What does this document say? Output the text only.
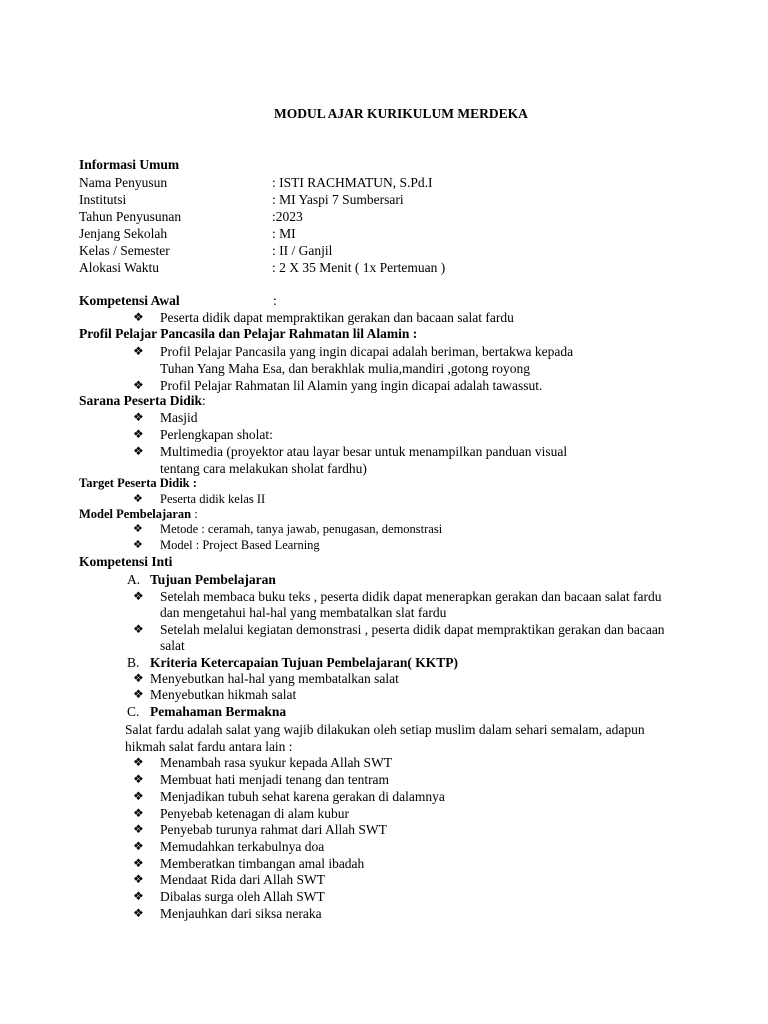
MODUL AJAR KURIKULUM MERDEKA
Informasi Umum
Nama Penyusun	: ISTI RACHMATUN, S.Pd.I
Institutsi	: MI Yaspi 7 Sumbersari
Tahun Penyusunan	:2023
Jenjang Sekolah	: MI
Kelas / Semester	: II / Ganjil
Alokasi Waktu	: 2 X 35 Menit ( 1x Pertemuan )
Kompetensi Awal	:
❖ Peserta didik dapat mempraktikan gerakan dan bacaan salat fardu
Profil Pelajar Pancasila dan Pelajar Rahmatan lil Alamin :
❖ Profil Pelajar Pancasila yang ingin dicapai adalah beriman, bertakwa kepada
Tuhan Yang Maha Esa, dan berakhlak mulia,mandiri ,gotong royong
❖ Profil Pelajar Rahmatan lil Alamin yang ingin dicapai adalah tawassut.
Sarana Peserta Didik:
❖ Masjid
❖ Perlengkapan sholat:
❖ Multimedia (proyektor atau layar besar untuk menampilkan panduan visual
tentang cara melakukan sholat fardhu)
Target Peserta Didik :
❖ Peserta didik kelas II
Model Pembelajaran :
❖ Metode : ceramah, tanya jawab, penugasan, demonstrasi
❖ Model : Project Based Learning
Kompetensi Inti
A. Tujuan Pembelajaran
❖ Setelah membaca buku teks , peserta didik dapat menerapkan gerakan dan bacaan salat fardu
dan mengetahui hal-hal yang membatalkan slat fardu
❖ Setelah melalui kegiatan demonstrasi , peserta didik dapat mempraktikan gerakan dan bacaan
salat
B. Kriteria Ketercapaian Tujuan Pembelajaran( KKTP)
❖ Menyebutkan hal-hal yang membatalkan salat
❖ Menyebutkan hikmah salat
C. Pemahaman Bermakna
Salat fardu adalah salat yang wajib dilakukan oleh setiap muslim dalam sehari semalam, adapun
hikmah salat fardu antara lain :
❖ Menambah rasa syukur kepada Allah SWT
❖ Membuat hati menjadi tenang dan tentram
❖ Menjadikan tubuh sehat karena gerakan di dalamnya
❖ Penyebab ketenagan di alam kubur
❖ Penyebab turunya rahmat dari Allah SWT
❖ Memudahkan terkabulnya doa
❖ Memberatkan timbangan amal ibadah
❖ Mendaat Rida dari Allah SWT
❖ Dibalas surga oleh Allah SWT
❖ Menjauhkan dari siksa neraka
